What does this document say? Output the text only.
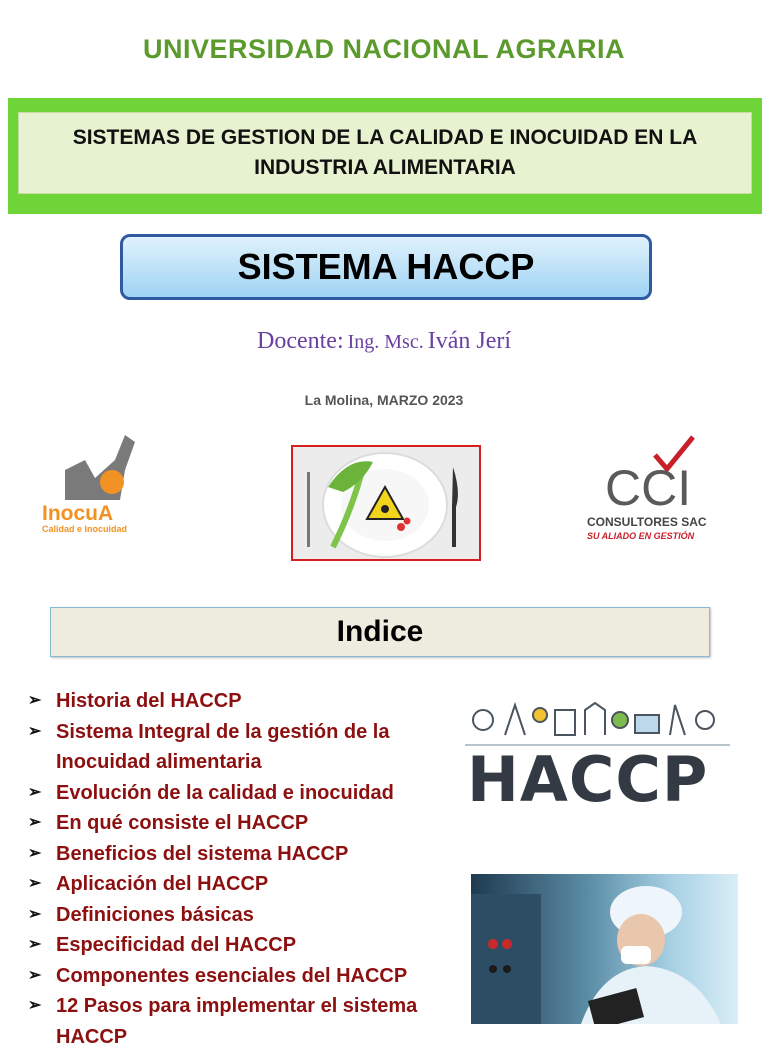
UNIVERSIDAD NACIONAL AGRARIA
SISTEMAS DE GESTION DE LA CALIDAD E INOCUIDAD EN LA INDUSTRIA ALIMENTARIA
SISTEMA HACCP
Docente: Ing. Msc. Iván Jerí
La Molina, MARZO 2023
InocuA
Calidad e Inocuidad
CCI
CONSULTORES SAC
SU ALIADO EN GESTIÓN
Indice
➢ Historia del HACCP
➢ Sistema Integral de la gestión de la Inocuidad alimentaria
➢ Evolución de la calidad e inocuidad
➢ En qué consiste el HACCP
➢ Beneficios del sistema HACCP
➢ Aplicación del HACCP
➢ Definiciones básicas
➢ Especificidad del HACCP
➢ Componentes esenciales del HACCP
➢ 12 Pasos para implementar el sistema HACCP
HACCP
